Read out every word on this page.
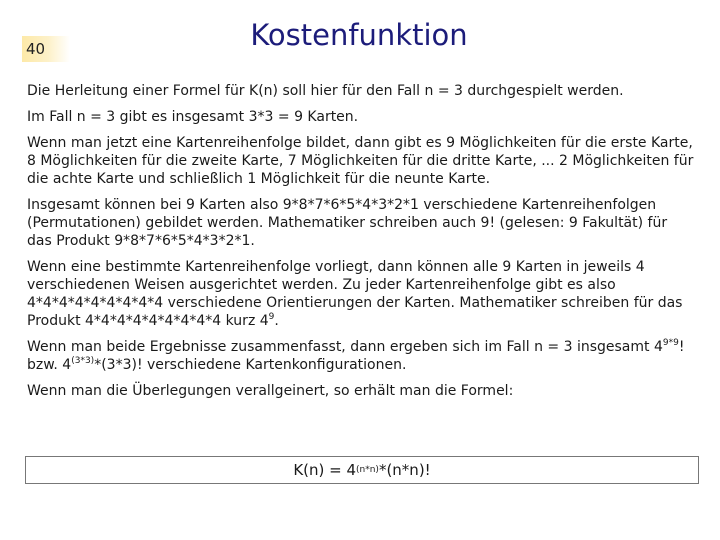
40	Kostenfunktion

Die Herleitung einer Formel für K(n) soll hier für den Fall n = 3 durchgespielt werden.

Im Fall n = 3 gibt es insgesamt 3*3 = 9 Karten.

Wenn man jetzt eine Kartenreihenfolge bildet, dann gibt es 9 Möglichkeiten für die erste Karte,
8 Möglichkeiten für die zweite Karte, 7 Möglichkeiten für die dritte Karte, ... 2 Möglichkeiten für
die achte Karte und schließlich 1 Möglichkeit für die neunte Karte.

Insgesamt können bei 9 Karten also 9*8*7*6*5*4*3*2*1 verschiedene Kartenreihenfolgen
(Permutationen) gebildet werden. Mathematiker schreiben auch 9! (gelesen: 9 Fakultät) für
das Produkt 9*8*7*6*5*4*3*2*1.

Wenn eine bestimmte Kartenreihenfolge vorliegt, dann können alle 9 Karten in jeweils 4
verschiedenen Weisen ausgerichtet werden. Zu jeder Kartenreihenfolge gibt es also
4*4*4*4*4*4*4*4*4 verschiedene Orientierungen der Karten. Mathematiker schreiben für das
Produkt 4*4*4*4*4*4*4*4*4 kurz $4^9$.

Wenn man beide Ergebnisse zusammenfasst, dann ergeben sich im Fall n = 3 insgesamt $4^{9*9}$!
bzw. $4^{(3*3)}*(3*3)$! verschiedene Kartenkonfigurationen.

Wenn man die Überlegungen verallgeinert, so erhält man die Formel:

K(n) = 4 (n*n) *(n*n)!
